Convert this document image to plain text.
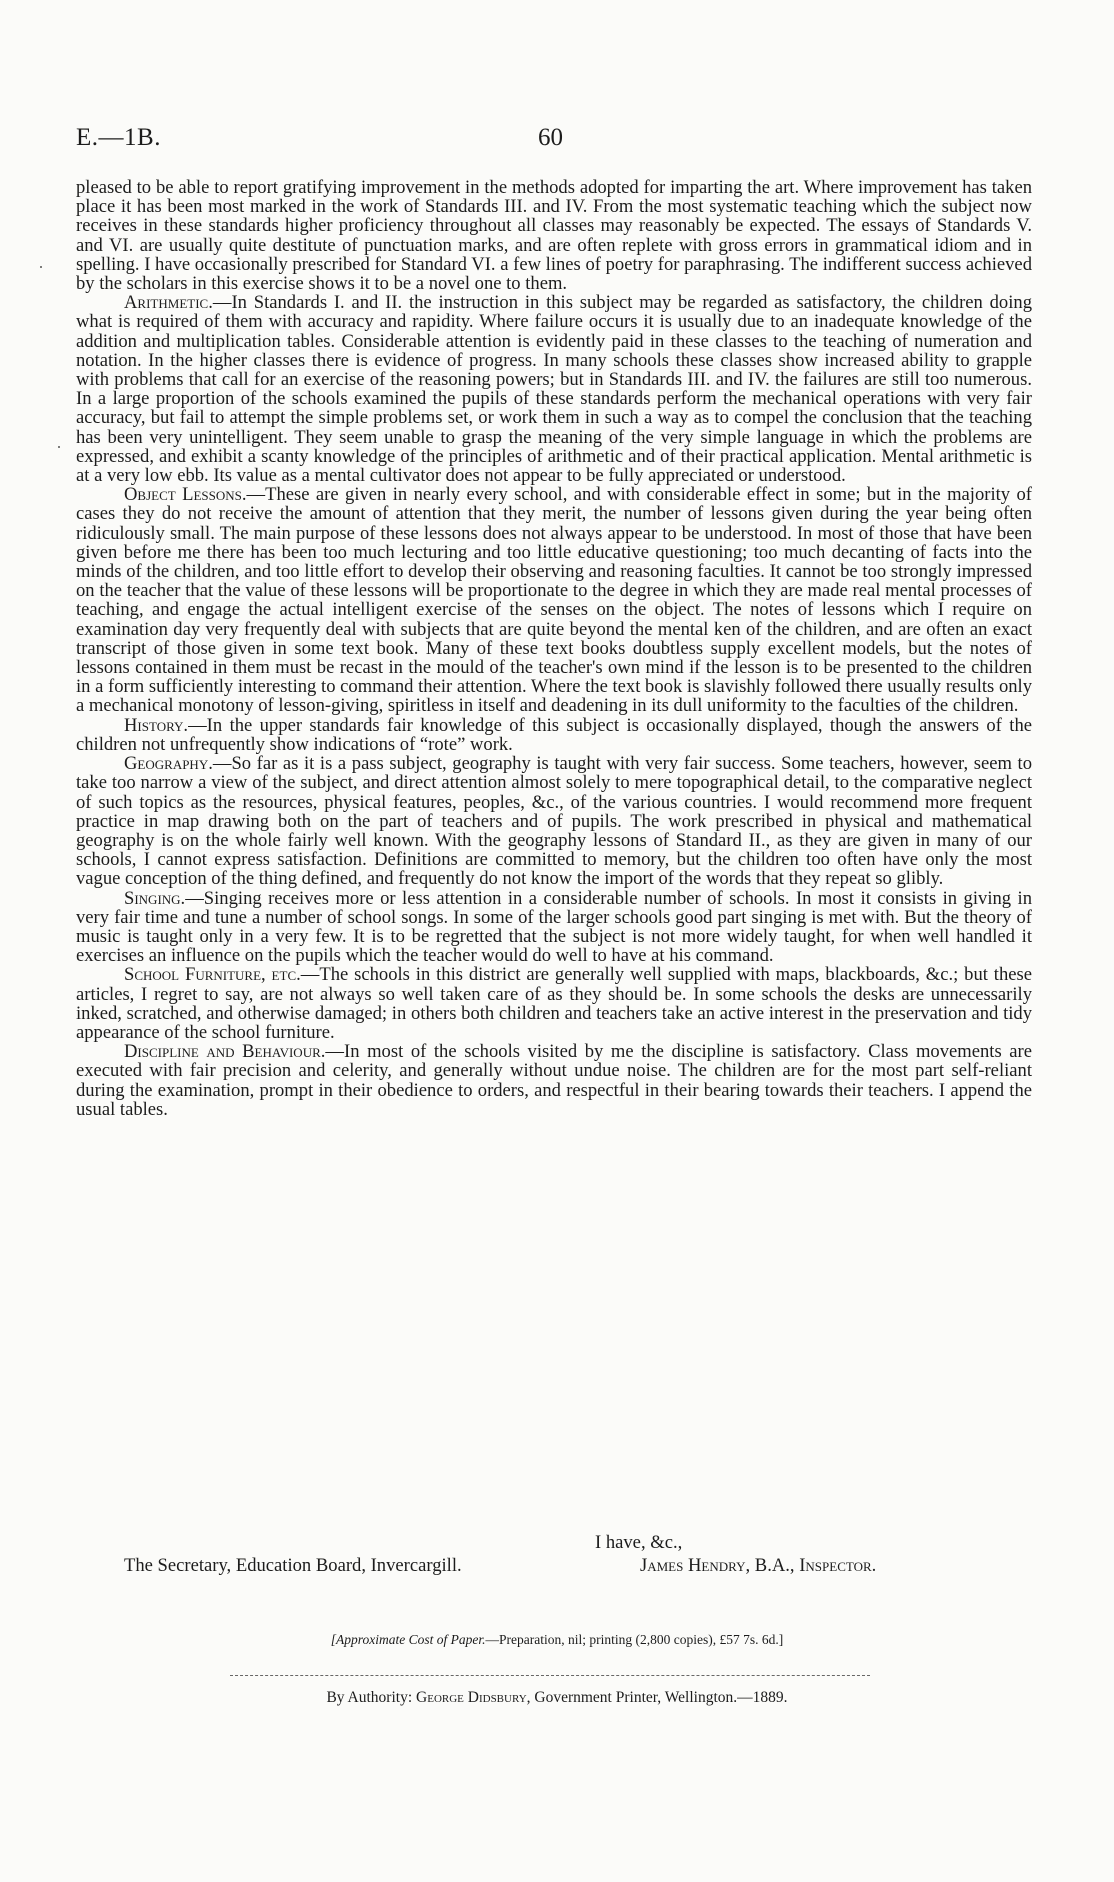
E.—1B.	60

pleased to be able to report gratifying improvement in the methods adopted for imparting the art. Where improvement has taken place it has been most marked in the work of Standards III. and IV. From the most systematic teaching which the subject now receives in these standards higher proficiency throughout all classes may reasonably be expected. The essays of Standards V. and VI. are usually quite destitute of punctuation marks, and are often replete with gross errors in grammatical idiom and in spelling. I have occasionally prescribed for Standard VI. a few lines of poetry for paraphrasing. The indifferent success achieved by the scholars in this exercise shows it to be a novel one to them.

Arithmetic.—In Standards I. and II. the instruction in this subject may be regarded as satisfactory, the children doing what is required of them with accuracy and rapidity. Where failure occurs it is usually due to an inadequate knowledge of the addition and multiplication tables. Considerable attention is evidently paid in these classes to the teaching of numeration and notation. In the higher classes there is evidence of progress. In many schools these classes show increased ability to grapple with problems that call for an exercise of the reasoning powers; but in Standards III. and IV. the failures are still too numerous. In a large proportion of the schools examined the pupils of these standards perform the mechanical operations with very fair accuracy, but fail to attempt the simple problems set, or work them in such a way as to compel the conclusion that the teaching has been very unintelligent. They seem unable to grasp the meaning of the very simple language in which the problems are expressed, and exhibit a scanty knowledge of the principles of arithmetic and of their practical application. Mental arithmetic is at a very low ebb. Its value as a mental cultivator does not appear to be fully appreciated or understood.

Object Lessons.—These are given in nearly every school, and with considerable effect in some; but in the majority of cases they do not receive the amount of attention that they merit, the number of lessons given during the year being often ridiculously small. The main purpose of these lessons does not always appear to be understood. In most of those that have been given before me there has been too much lecturing and too little educative questioning; too much decanting of facts into the minds of the children, and too little effort to develop their observing and reasoning faculties. It cannot be too strongly impressed on the teacher that the value of these lessons will be proportionate to the degree in which they are made real mental processes of teaching, and engage the actual intelligent exercise of the senses on the object. The notes of lessons which I require on examination day very frequently deal with subjects that are quite beyond the mental ken of the children, and are often an exact transcript of those given in some text book. Many of these text books doubtless supply excellent models, but the notes of lessons contained in them must be recast in the mould of the teacher's own mind if the lesson is to be presented to the children in a form sufficiently interesting to command their attention. Where the text book is slavishly followed there usually results only a mechanical monotony of lesson-giving, spiritless in itself and deadening in its dull uniformity to the faculties of the children.

History.—In the upper standards fair knowledge of this subject is occasionally displayed, though the answers of the children not unfrequently show indications of “rote” work.

Geography.—So far as it is a pass subject, geography is taught with very fair success. Some teachers, however, seem to take too narrow a view of the subject, and direct attention almost solely to mere topographical detail, to the comparative neglect of such topics as the resources, physical features, peoples, &c., of the various countries. I would recommend more frequent practice in map drawing both on the part of teachers and of pupils. The work prescribed in physical and mathematical geography is on the whole fairly well known. With the geography lessons of Standard II., as they are given in many of our schools, I cannot express satisfaction. Definitions are committed to memory, but the children too often have only the most vague conception of the thing defined, and frequently do not know the import of the words that they repeat so glibly.

Singing.—Singing receives more or less attention in a considerable number of schools. In most it consists in giving in very fair time and tune a number of school songs. In some of the larger schools good part singing is met with. But the theory of music is taught only in a very few. It is to be regretted that the subject is not more widely taught, for when well handled it exercises an influence on the pupils which the teacher would do well to have at his command.

School Furniture, etc.—The schools in this district are generally well supplied with maps, blackboards, &c.; but these articles, I regret to say, are not always so well taken care of as they should be. In some schools the desks are unnecessarily inked, scratched, and otherwise damaged; in others both children and teachers take an active interest in the preservation and tidy appearance of the school furniture.

Discipline and Behaviour.—In most of the schools visited by me the discipline is satisfactory. Class movements are executed with fair precision and celerity, and generally without undue noise. The children are for the most part self-reliant during the examination, prompt in their obedience to orders, and respectful in their bearing towards their teachers. I append the usual tables.

I have, &c.,
The Secretary, Education Board, Invercargill.	James Hendry, B.A., Inspector.
[Approximate Cost of Paper.—Preparation, nil; printing (2,800 copies), £57 7s. 6d.]
By Authority: George Didsbury, Government Printer, Wellington.—1889.
